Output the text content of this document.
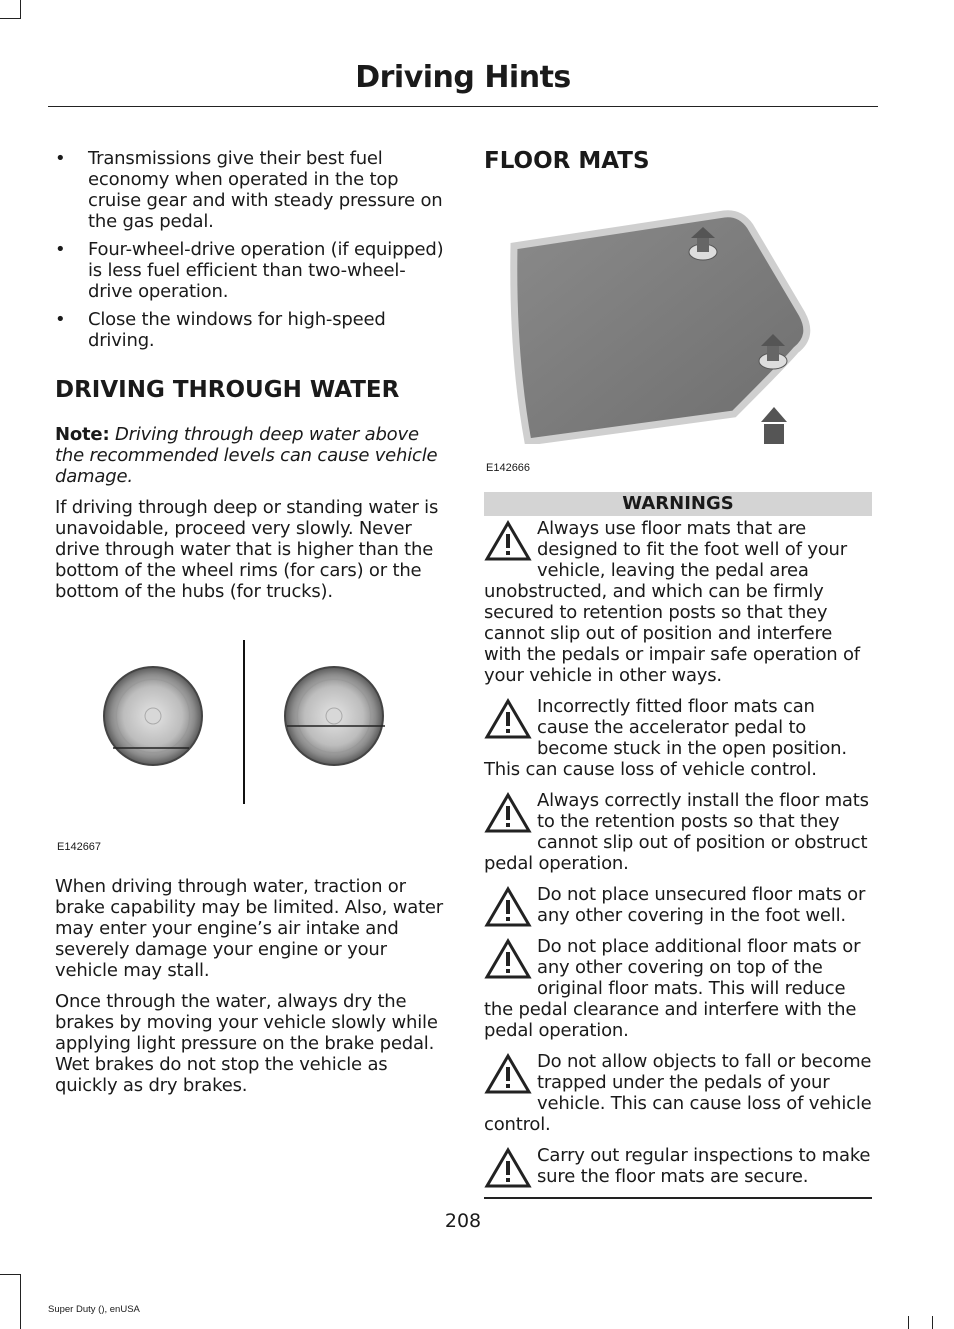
Driving Hints
• Transmissions give their best fuel economy when operated in the top cruise gear and with steady pressure on the gas pedal.
• Four-wheel-drive operation (if equipped) is less fuel efficient than two-wheel-drive operation.
• Close the windows for high-speed driving.
DRIVING THROUGH WATER

Note: Driving through deep water above the recommended levels can cause vehicle damage.

If driving through deep or standing water is unavoidable, proceed very slowly. Never drive through water that is higher than the bottom of the wheel rims (for cars) or the bottom of the hubs (for trucks).

E142667

When driving through water, traction or brake capability may be limited. Also, water may enter your engine’s air intake and severely damage your engine or your vehicle may stall.

Once through the water, always dry the brakes by moving your vehicle slowly while applying light pressure on the brake pedal. Wet brakes do not stop the vehicle as quickly as dry brakes.

FLOOR MATS
E142666
WARNINGS
Always use floor mats that are designed to fit the foot well of your vehicle, leaving the pedal area unobstructed, and which can be firmly secured to retention posts so that they cannot slip out of position and interfere with the pedals or impair safe operation of your vehicle in other ways.
Incorrectly fitted floor mats can cause the accelerator pedal to become stuck in the open position. This can cause loss of vehicle control.
Always correctly install the floor mats to the retention posts so that they cannot slip out of position or obstruct pedal operation.
Do not place unsecured floor mats or any other covering in the foot well.
Do not place additional floor mats or any other covering on top of the original floor mats. This will reduce the pedal clearance and interfere with the pedal operation.
Do not allow objects to fall or become trapped under the pedals of your vehicle. This can cause loss of vehicle control.
Carry out regular inspections to make sure the floor mats are secure.
208
Super Duty (), enUSA
